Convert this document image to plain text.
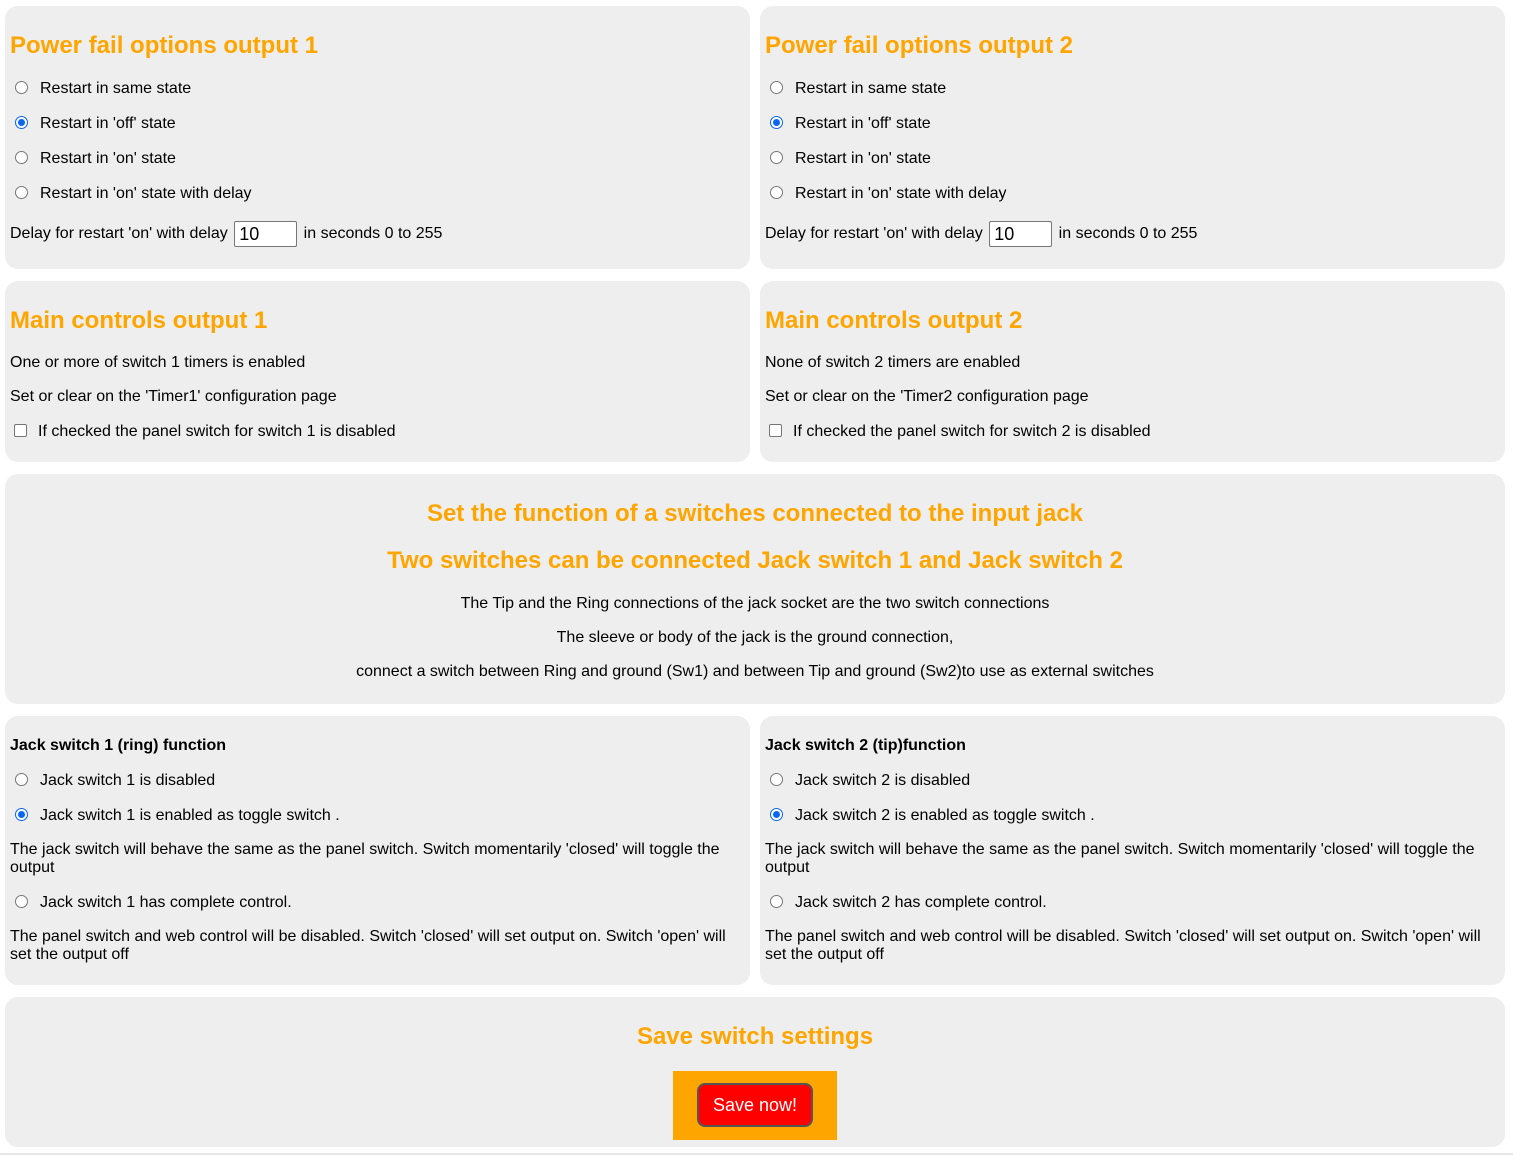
Power fail options output 1
Restart in same state
Restart in 'off' state
Restart in 'on' state
Restart in 'on' state with delay
Delay for restart 'on' with delay 10	in seconds 0 to 255
Power fail options output 2
Restart in same state
Restart in 'off' state
Restart in 'on' state
Restart in 'on' state with delay
Delay for restart 'on' with delay 10	in seconds 0 to 255
Main controls output 1
One or more of switch 1 timers is enabled
Set or clear on the 'Timer1' configuration page
If checked the panel switch for switch 1 is disabled
Main controls output 2
None of switch 2 timers are enabled
Set or clear on the 'Timer2 configuration page
If checked the panel switch for switch 2 is disabled
Set the function of a switches connected to the input jack
Two switches can be connected Jack switch 1 and Jack switch 2
The Tip and the Ring connections of the jack socket are the two switch connections
The sleeve or body of the jack is the ground connection,
connect a switch between Ring and ground (Sw1) and between Tip and ground (Sw2)to use as external switches
Jack switch 1 (ring) function
Jack switch 1 is disabled
Jack switch 1 is enabled as toggle switch .
The jack switch will behave the same as the panel switch. Switch momentarily 'closed' will toggle the output
Jack switch 1 has complete control.
The panel switch and web control will be disabled. Switch 'closed' will set output on. Switch 'open' will set the output off
Jack switch 2 (tip)function
Jack switch 2 is disabled
Jack switch 2 is enabled as toggle switch .
The jack switch will behave the same as the panel switch. Switch momentarily 'closed' will toggle the output
Jack switch 2 has complete control.
The panel switch and web control will be disabled. Switch 'closed' will set output on. Switch 'open' will set the output off
Save switch settings
Save now!
